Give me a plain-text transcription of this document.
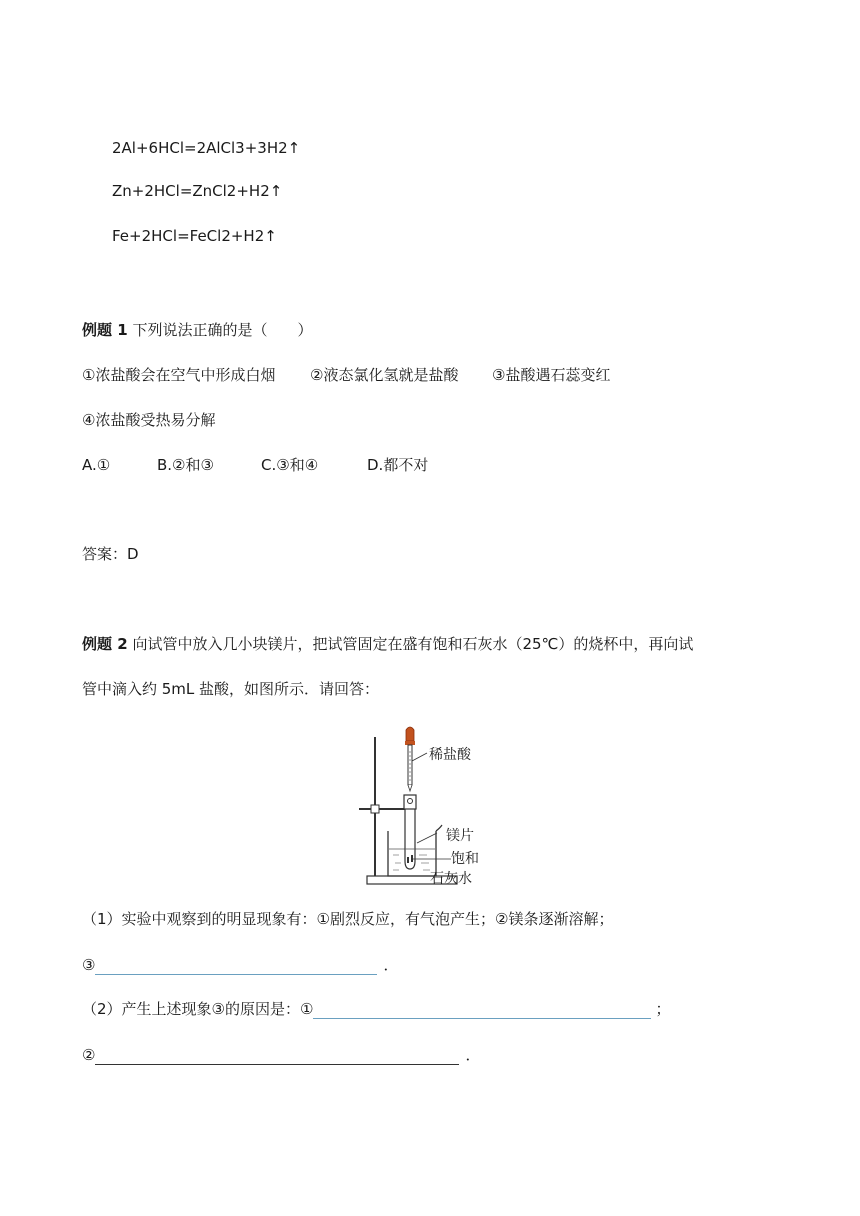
2Al+6HCl=2AlCl3+3H2↑
Zn+2HCl=ZnCl2+H2↑
Fe+2HCl=FeCl2+H2↑
例题 1 下列说法正确的是（　　）
①浓盐酸会在空气中形成白烟 ②液态氯化氢就是盐酸 ③盐酸遇石蕊变红
④浓盐酸受热易分解
A.①	B.②和③	C.③和④	D.都不对
答案：D
例题 2 向试管中放入几小块镁片，把试管固定在盛有饱和石灰水（25℃）的烧杯中，再向试
管中滴入约 5mL 盐酸，如图所示．请回答：
稀盐酸
镁片
饱和
石灰水
（1）实验中观察到的明显现象有：①剧烈反应，有气泡产生；②镁条逐渐溶解；
③	．
（2）产生上述现象③的原因是：①	；
②	．
